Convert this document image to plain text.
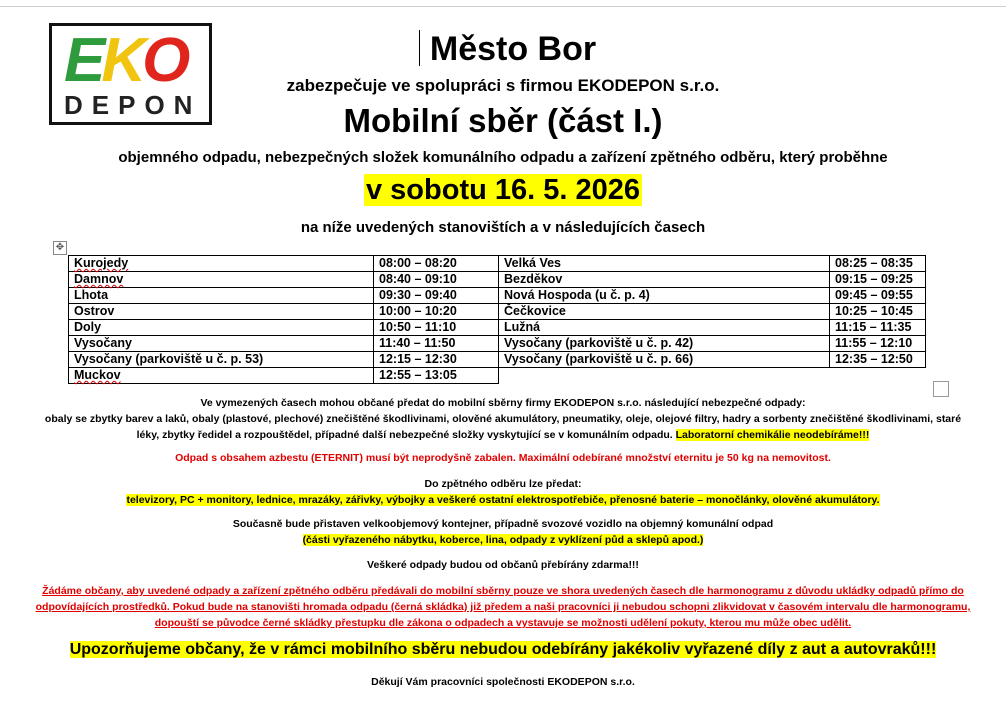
EKO
DEPON
Město Bor
zabezpečuje ve spolupráci s firmou EKODEPON s.r.o.
Mobilní sběr (část I.)
objemného odpadu, nebezpečných složek komunálního odpadu a zařízení zpětného odběru, který proběhne
v sobotu 16. 5. 2026
na níže uvedených stanovištích a v následujících časech
✥
Kurojedy	08:00 – 08:20	Velká Ves	08:25 – 08:35
Damnov	08:40 – 09:10	Bezděkov	09:15 – 09:25
Lhota	09:30 – 09:40	Nová Hospoda (u č. p. 4)	09:45 – 09:55
Ostrov	10:00 – 10:20	Čečkovice	10:25 – 10:45
Doly	10:50 – 11:10	Lužná	11:15 – 11:35
Vysočany	11:40 – 11:50	Vysočany (parkoviště u č. p. 42)	11:55 – 12:10
Vysočany (parkoviště u č. p. 53)	12:15 – 12:30	Vysočany (parkoviště u č. p. 66)	12:35 – 12:50
Muckov	12:55 – 13:05		
Ve vymezených časech mohou občané předat do mobilní sběrny firmy EKODEPON s.r.o. následující nebezpečné odpady:
obaly se zbytky barev a laků, obaly (plastové, plechové) znečištěné škodlivinami, olověné akumulátory, pneumatiky, oleje, olejové filtry, hadry a sorbenty znečištěné škodlivinami, staré
léky, zbytky ředidel a rozpouštědel, případné další nebezpečné složky vyskytující se v komunálním odpadu. Laboratorní chemikálie neodebíráme!!!
Odpad s obsahem azbestu (ETERNIT) musí být neprodyšně zabalen. Maximální odebírané množství eternitu je 50 kg na nemovitost.
Do zpětného odběru lze předat:
televizory, PC + monitory, lednice, mrazáky, zářivky, výbojky a veškeré ostatní elektrospotřebiče, přenosné baterie – monočlánky, olověné akumulátory.
Současně bude přistaven velkoobjemový kontejner, případně svozové vozidlo na objemný komunální odpad
(části vyřazeného nábytku, koberce, lina, odpady z vyklízení půd a sklepů apod.)
Veškeré odpady budou od občanů přebírány zdarma!!!
Žádáme občany, aby uvedené odpady a zařízení zpětného odběru předávali do mobilní sběrny pouze ve shora uvedených časech dle harmonogramu z důvodu ukládky odpadů přímo do
odpovídajících prostředků. Pokud bude na stanovišti hromada odpadu (černá skládka) již předem a naši pracovníci ji nebudou schopni zlikvidovat v časovém intervalu dle harmonogramu,
dopouští se původce černé skládky přestupku dle zákona o odpadech a vystavuje se možnosti udělení pokuty, kterou mu může obec udělit.
Upozorňujeme občany, že v rámci mobilního sběru nebudou odebírány jakékoliv vyřazené díly z aut a autovraků!!!
Děkují Vám pracovníci společnosti EKODEPON s.r.o.
